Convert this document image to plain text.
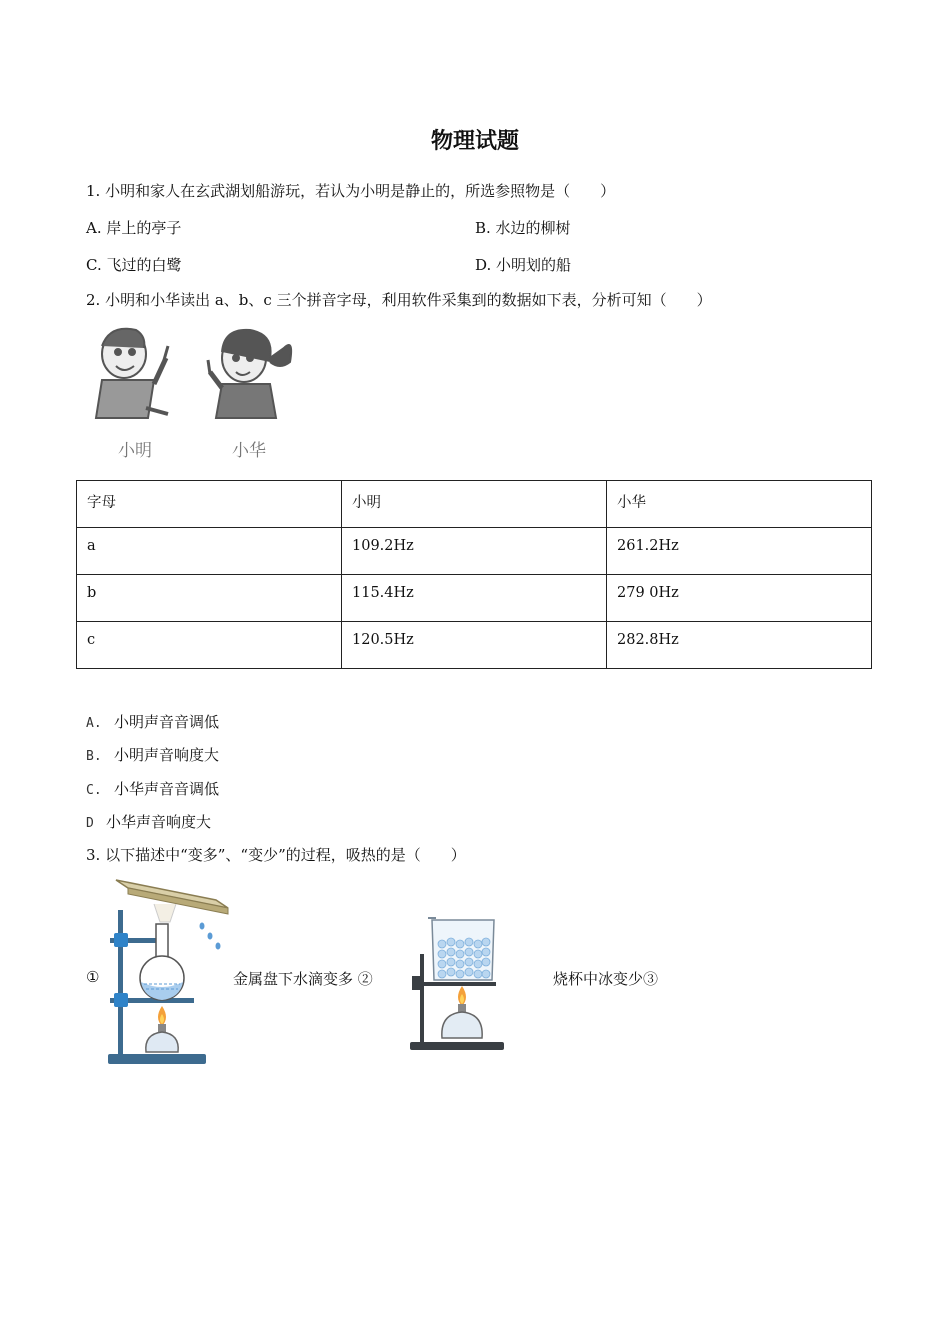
物理试题
1. 小明和家人在玄武湖划船游玩，若认为小明是静止的，所选参照物是（　　）
A. 岸上的亭子	B. 水边的柳树
C. 飞过的白鹭	D. 小明划的船
2. 小明和小华读出 a、b、c 三个拼音字母，利用软件采集到的数据如下表，分析可知（　　）
小明	小华
字母	小明	小华
a	109.2Hz	261.2Hz
b	115.4Hz	279 0Hz
c	120.5Hz	282.8Hz
A. 小明声音音调低
B. 小明声音响度大
C. 小华声音音调低
D 小华声音响度大
3. 以下描述中“变多”、“变少”的过程，吸热的是（　　）
①	金属盘下水滴变多 ②	烧杯中冰变少③
